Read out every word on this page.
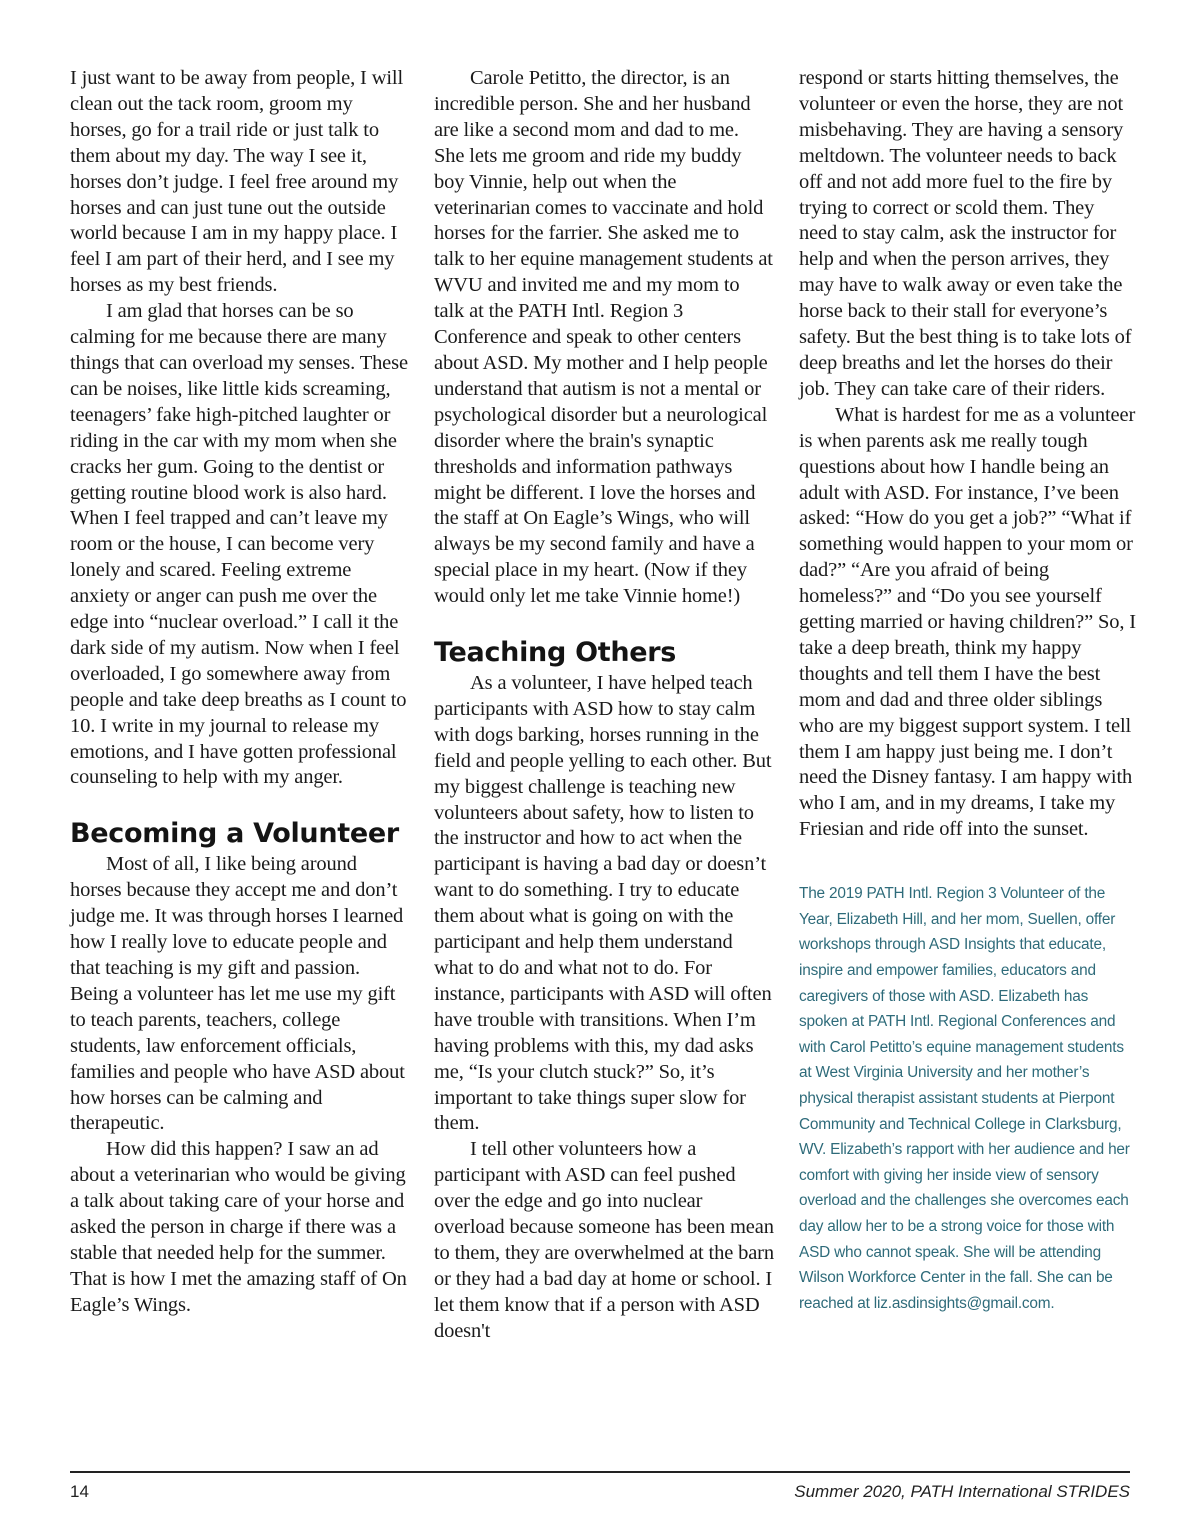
I just want to be away from people, I will clean out the tack room, groom my horses, go for a trail ride or just talk to them about my day. The way I see it, horses don’t judge. I feel free around my horses and can just tune out the outside world because I am in my happy place. I feel I am part of their herd, and I see my horses as my best friends.

I am glad that horses can be so calming for me because there are many things that can overload my senses. These can be noises, like little kids screaming, teenagers’ fake high-pitched laughter or riding in the car with my mom when she cracks her gum. Going to the dentist or getting routine blood work is also hard. When I feel trapped and can’t leave my room or the house, I can become very lonely and scared. Feeling extreme anxiety or anger can push me over the edge into “nuclear overload.” I call it the dark side of my autism. Now when I feel overloaded, I go somewhere away from people and take deep breaths as I count to 10. I write in my journal to release my emotions, and I have gotten professional counseling to help with my anger.

Becoming a Volunteer

Most of all, I like being around horses because they accept me and don’t judge me. It was through horses I learned how I really love to educate people and that teaching is my gift and passion. Being a volunteer has let me use my gift to teach parents, teachers, college students, law enforcement officials, families and people who have ASD about how horses can be calming and therapeutic.

How did this happen? I saw an ad about a veterinarian who would be giving a talk about taking care of your horse and asked the person in charge if there was a stable that needed help for the summer. That is how I met the amazing staff of On Eagle’s Wings.

Carole Petitto, the director, is an incredible person. She and her husband are like a second mom and dad to me. She lets me groom and ride my buddy boy Vinnie, help out when the veterinarian comes to vaccinate and hold horses for the farrier. She asked me to talk to her equine management students at WVU and invited me and my mom to talk at the PATH Intl. Region 3 Conference and speak to other centers about ASD. My mother and I help people understand that autism is not a mental or psychological disorder but a neurological disorder where the brain's synaptic thresholds and information pathways might be different. I love the horses and the staff at On Eagle’s Wings, who will always be my second family and have a special place in my heart. (Now if they would only let me take Vinnie home!)

Teaching Others

As a volunteer, I have helped teach participants with ASD how to stay calm with dogs barking, horses running in the field and people yelling to each other. But my biggest challenge is teaching new volunteers about safety, how to listen to the instructor and how to act when the participant is having a bad day or doesn’t want to do something. I try to educate them about what is going on with the participant and help them understand what to do and what not to do. For instance, participants with ASD will often have trouble with transitions. When I’m having problems with this, my dad asks me, “Is your clutch stuck?” So, it’s important to take things super slow for them.

I tell other volunteers how a participant with ASD can feel pushed over the edge and go into nuclear overload because someone has been mean to them, they are overwhelmed at the barn or they had a bad day at home or school. I let them know that if a person with ASD doesn't

respond or starts hitting themselves, the volunteer or even the horse, they are not misbehaving. They are having a sensory meltdown. The volunteer needs to back off and not add more fuel to the fire by trying to correct or scold them. They need to stay calm, ask the instructor for help and when the person arrives, they may have to walk away or even take the horse back to their stall for everyone’s safety. But the best thing is to take lots of deep breaths and let the horses do their job. They can take care of their riders.

What is hardest for me as a volunteer is when parents ask me really tough questions about how I handle being an adult with ASD. For instance, I’ve been asked: “How do you get a job?” “What if something would happen to your mom or dad?” “Are you afraid of being homeless?” and “Do you see yourself getting married or having children?” So, I take a deep breath, think my happy thoughts and tell them I have the best mom and dad and three older siblings who are my biggest support system. I tell them I am happy just being me. I don’t need the Disney fantasy. I am happy with who I am, and in my dreams, I take my Friesian and ride off into the sunset.

The 2019 PATH Intl. Region 3 Volunteer of the Year, Elizabeth Hill, and her mom, Suellen, offer workshops through ASD Insights that educate, inspire and empower families, educators and caregivers of those with ASD. Elizabeth has spoken at PATH Intl. Regional Conferences and with Carol Petitto’s equine management students at West Virginia University and her mother’s physical therapist assistant students at Pierpont Community and Technical College in Clarksburg, WV. Elizabeth’s rapport with her audience and her comfort with giving her inside view of sensory overload and the challenges she overcomes each day allow her to be a strong voice for those with ASD who cannot speak. She will be attending Wilson Workforce Center in the fall. She can be reached at liz.asdinsights@gmail.com.

14	Summer 2020, PATH International STRIDES
